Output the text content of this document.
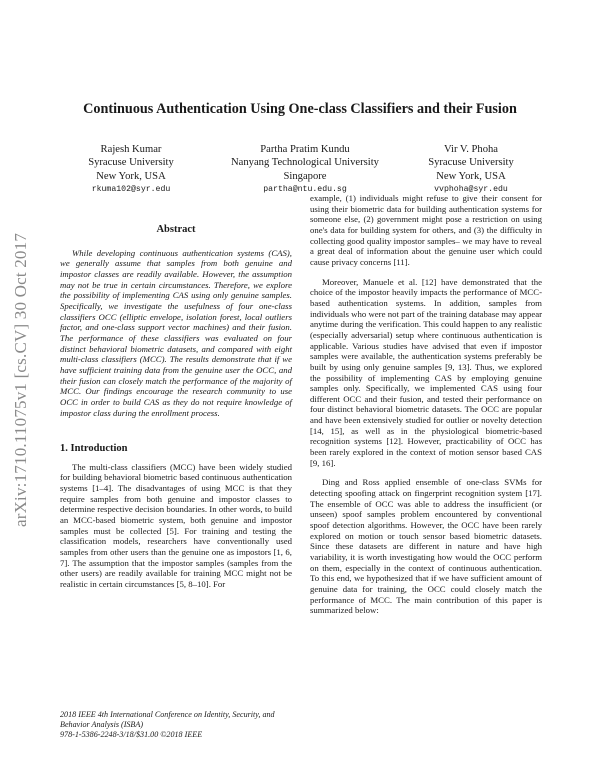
arXiv:1710.11075v1 [cs.CV] 30 Oct 2017
Continuous Authentication Using One-class Classifiers and their Fusion
Rajesh Kumar
Syracuse University
New York, USA
rkuma102@syr.edu
Partha Pratim Kundu
Nanyang Technological University
Singapore
partha@ntu.edu.sg
Vir V. Phoha
Syracuse University
New York, USA
vvphoha@syr.edu
Abstract

While developing continuous authentication systems (CAS), we generally assume that samples from both genuine and impostor classes are readily available. However, the assumption may not be true in certain circumstances. Therefore, we explore the possibility of implementing CAS using only genuine samples. Specifically, we investigate the usefulness of four one-class classifiers OCC (elliptic envelope, isolation forest, local outliers factor, and one-class support vector machines) and their fusion. The performance of these classifiers was evaluated on four distinct behavioral biometric datasets, and compared with eight multi-class classifiers (MCC). The results demonstrate that if we have sufficient training data from the genuine user the OCC, and their fusion can closely match the performance of the majority of MCC. Our findings encourage the research community to use OCC in order to build CAS as they do not require knowledge of impostor class during the enrollment process.

1. Introduction

The multi-class classifiers (MCC) have been widely studied for building behavioral biometric based continuous authentication systems [1–4]. The disadvantages of using MCC is that they require samples from both genuine and impostor classes to determine respective decision boundaries. In other words, to build an MCC-based biometric system, both genuine and impostor samples must be collected [5]. For training and testing the classification models, researchers have conventionally used samples from other users than the genuine one as impostors [1, 6, 7]. The assumption that the impostor samples (samples from the other users) are readily available for training MCC might not be realistic in certain circumstances [5, 8–10]. For

example, (1) individuals might refuse to give their consent for using their biometric data for building authentication systems for someone else, (2) government might pose a restriction on using one's data for building system for others, and (3) the difficulty in collecting good quality impostor samples– we may have to reveal a great deal of information about the genuine user which could cause privacy concerns [11].

Moreover, Manuele et al. [12] have demonstrated that the choice of the impostor heavily impacts the performance of MCC-based authentication systems. In addition, samples from individuals who were not part of the training database may appear anytime during the verification. This could happen to any realistic (especially adversarial) setup where continuous authentication is applicable. Various studies have advised that even if impostor samples were available, the authentication systems preferably be built by using only genuine samples [9, 13]. Thus, we explored the possibility of implementing CAS by employing genuine samples only. Specifically, we implemented CAS using four different OCC and their fusion, and tested their performance on four distinct behavioral biometric datasets. The OCC are popular and have been extensively studied for outlier or novelty detection [14, 15], as well as in the physiological biometric-based recognition systems [12]. However, practicability of OCC has been rarely explored in the context of motion sensor based CAS [9, 16].

Ding and Ross applied ensemble of one-class SVMs for detecting spoofing attack on fingerprint recognition system [17]. The ensemble of OCC was able to address the insufficient (or unseen) spoof samples problem encountered by conventional spoof detection algorithms. However, the OCC have been rarely explored on motion or touch sensor based biometric datasets. Since these datasets are different in nature and have high variability, it is worth investigating how would the OCC perform on them, especially in the context of continuous authentication. To this end, we hypothesized that if we have sufficient amount of genuine data for training, the OCC could closely match the performance of MCC. The main contribution of this paper is summarized below:

2018 IEEE 4th International Conference on Identity, Security, and Behavior Analysis (ISBA)
978-1-5386-2248-3/18/$31.00 ©2018 IEEE
